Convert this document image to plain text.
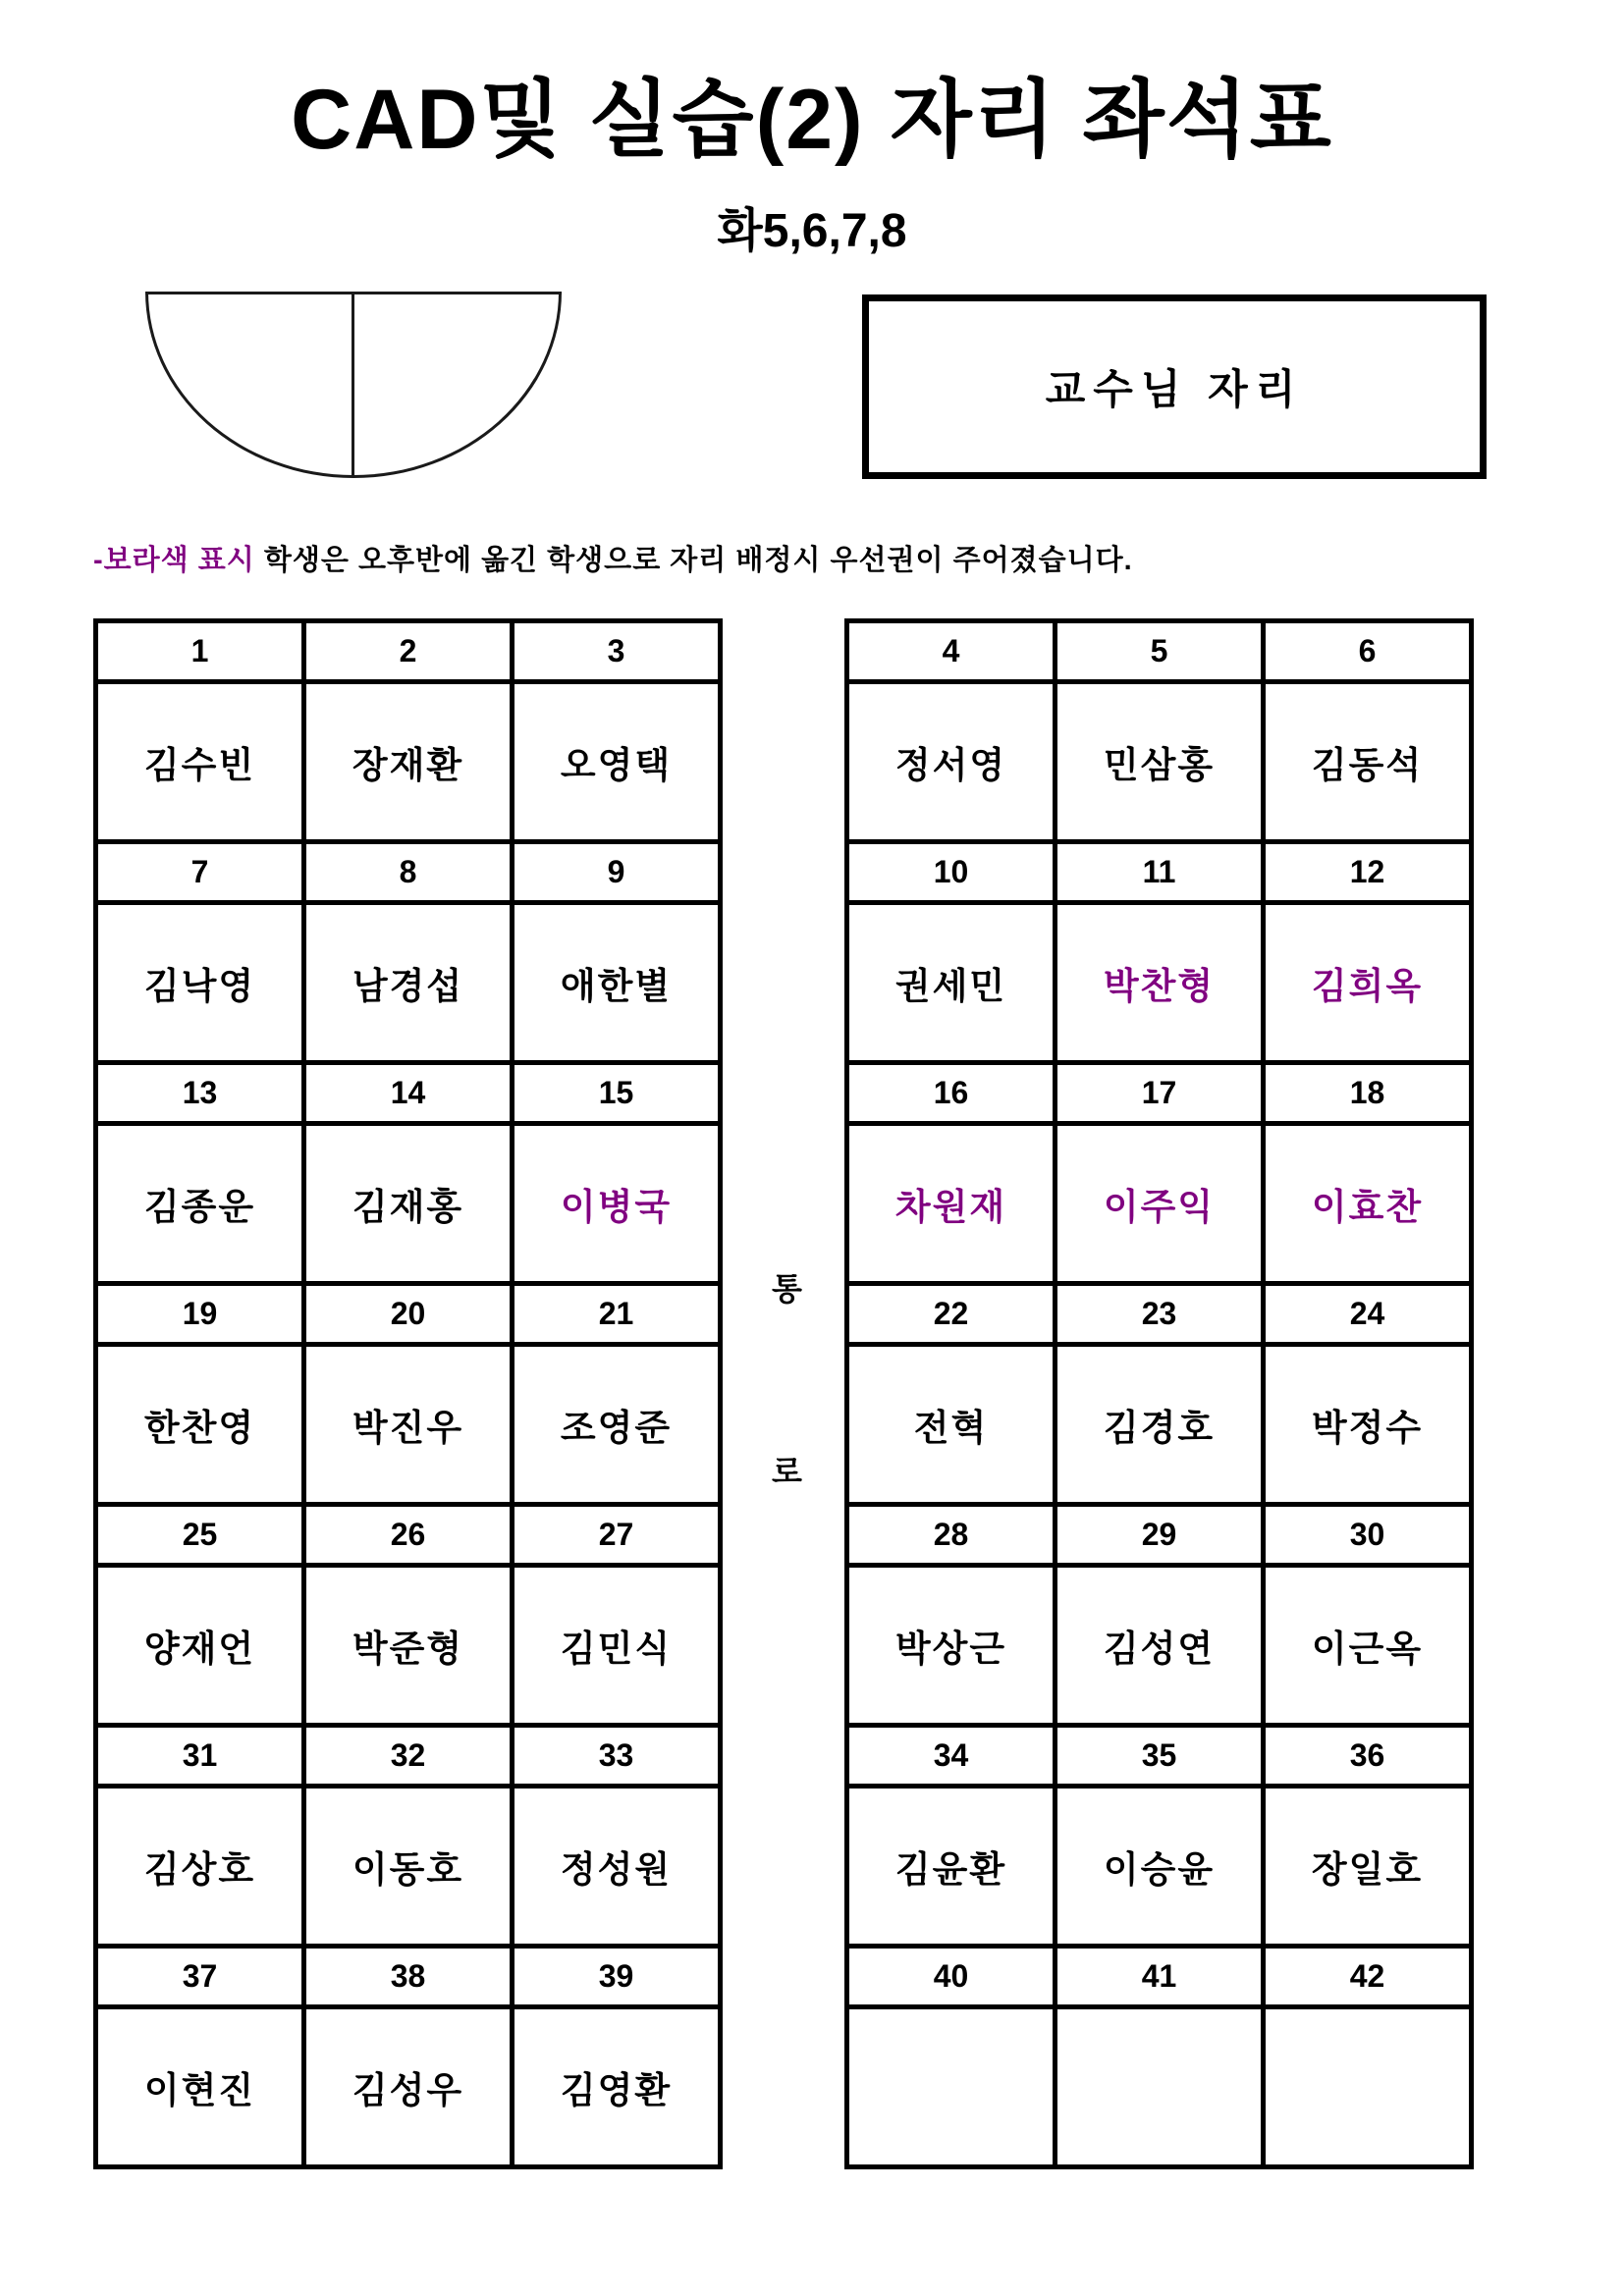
CAD및 실습(2) 자리 좌석표
화5,6,7,8
교수님 자리
-보라색 표시 학생은 오후반에 옮긴 학생으로 자리 배정시 우선권이 주어졌습니다.
1	2	3
김수빈	장재환	오영택
7	8	9
김낙영	남경섭	애한별
13	14	15
김종운	김재홍	이병국
19	20	21
한찬영	박진우	조영준
25	26	27
양재언	박준형	김민식
31	32	33
김상호	이동호	정성원
37	38	39
이현진	김성우	김영환
4	5	6
정서영	민삼홍	김동석
10	11	12
권세민	박찬형	김희옥
16	17	18
차원재	이주익	이효찬
22	23	24
전혁	김경호	박정수
28	29	30
박상근	김성연	이근옥
34	35	36
김윤환	이승윤	장일호
40	41	42

통
로
